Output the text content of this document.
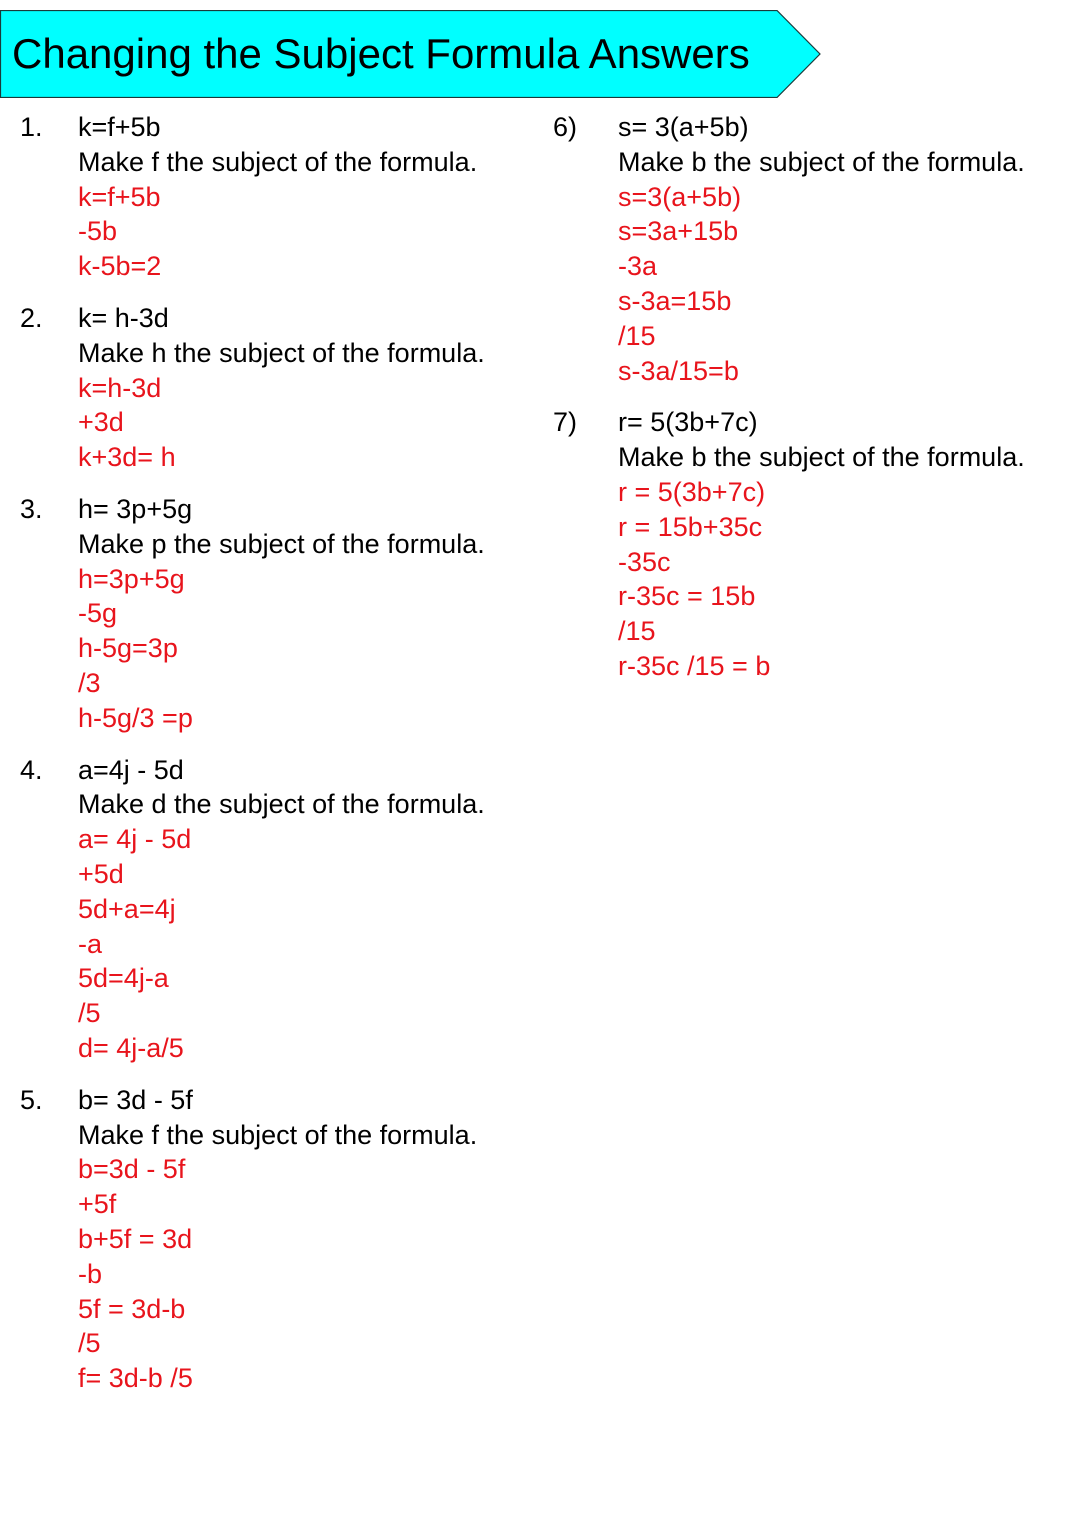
Changing the Subject Formula Answers
1. k=f+5b
Make f the subject of the formula.
k=f+5b
-5b
k-5b=2
2. k= h-3d
Make h the subject of the formula.
k=h-3d
+3d
k+3d= h
3. h= 3p+5g
Make p the subject of the formula.
h=3p+5g
-5g
h-5g=3p
/3
h-5g/3 =p
4. a=4j - 5d
Make d the subject of the formula.
a= 4j - 5d
+5d
5d+a=4j
-a
5d=4j-a
/5
d= 4j-a/5
5. b= 3d - 5f
Make f the subject of the formula.
b=3d - 5f
+5f
b+5f = 3d
-b
5f = 3d-b
/5
f= 3d-b /5
6) s= 3(a+5b)
Make b the subject of the formula.
s=3(a+5b)
s=3a+15b
-3a
s-3a=15b
/15
s-3a/15=b
7) r= 5(3b+7c)
Make b the subject of the formula.
r = 5(3b+7c)
r = 15b+35c
-35c
r-35c = 15b
/15
r-35c /15 = b
